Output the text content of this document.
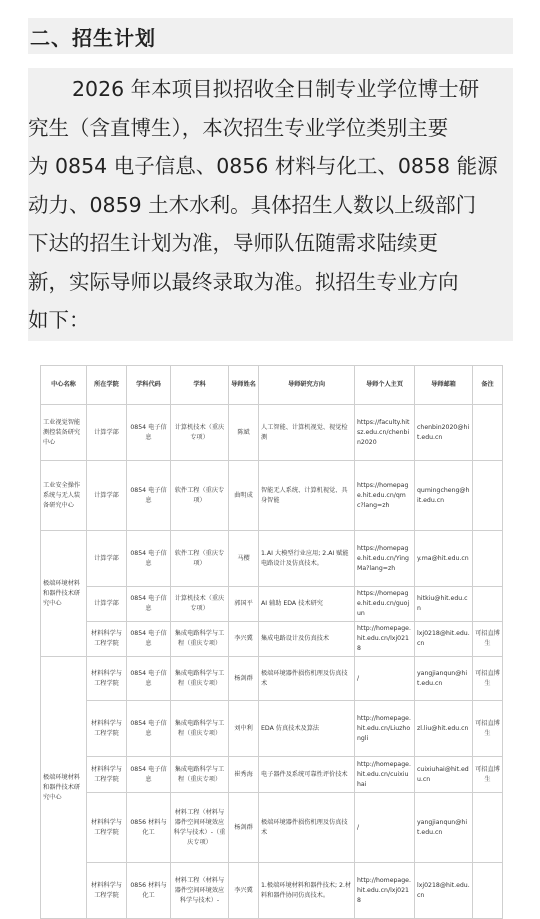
二、招生计划
2026 年本项目拟招收全日制专业学位博士研
究生（含直博生），本次招生专业学位类别主要
为 0854 电子信息、0856 材料与化工、0858 能源
动力、0859 土木水利。具体招生人数以上级部门
下达的招生计划为准，导师队伍随需求陆续更
新，实际导师以最终录取为准。拟招生专业方向
如下：
中心名称	所在学院	学科代码	学科	导师姓名	导师研究方向	导师个人主页	导师邮箱	备注
工业视觉智能测控装备研究中心	计算学部	0854 电子信息	计算机技术（重庆专项）	陈斌	人工智能、计算机视觉、视觉检测	https://faculty.hitsz.edu.cn/chenbin2020	chenbin2020@hit.edu.cn	
工业安全操作系统与无人装备研究中心	计算学部	0854 电子信息	软件工程（重庆专项）	曲明成	智能无人系统、计算机视觉、具身智能	https://homepage.hit.edu.cn/qmc?lang=zh	qumingcheng@hit.edu.cn	
极端环境材料和器件技术研究中心	计算学部	0854 电子信息	软件工程（重庆专项）	马樱	1.AI 大模型行业应用; 2.AI 赋能电路设计及仿真技术。	https://homepage.hit.edu.cn/YingMa?lang=zh	y.ma@hit.edu.cn	
	计算学部	0854 电子信息	计算机技术（重庆专项）	郭国平	AI 辅助 EDA 技术研究	https://homepage.hit.edu.cn/guojun	hitkiu@hit.edu.cn	
	材料科学与工程学院	0854 电子信息	集成电路科学与工程（重庆专项）	李兴冀	集成电路设计及仿真技术	http://homepage.hit.edu.cn/lxj0218	lxj0218@hit.edu.cn	可招直博生
极端环境材料和器件技术研究中心	材料科学与工程学院	0854 电子信息	集成电路科学与工程（重庆专项）	杨剑群	极端环境器件损伤机理及仿真技术	/	yangjianqun@hit.edu.cn	可招直博生
	材料科学与工程学院	0854 电子信息	集成电路科学与工程（重庆专项）	刘中利	EDA 仿真技术及算法	http://homepage.hit.edu.cn/Liuzhongli	zl.liu@hit.edu.cn	可招直博生
	材料科学与工程学院	0854 电子信息	集成电路科学与工程（重庆专项）	崔秀海	电子器件及系统可靠性评价技术	http://homepage.hit.edu.cn/cuixiuhai	cuixiuhai@hit.edu.cn	可招直博生
	材料科学与工程学院	0856 材料与化工	材料工程（材料与器件空间环境效应科学与技术）-（重庆专项）	杨剑群	极端环境器件损伤机理及仿真技术	/	yangjianqun@hit.edu.cn	
	材料科学与工程学院	0856 材料与化工	材料工程（材料与器件空间环境效应科学与技术）-	李兴冀	1.极端环境材料和器件技术; 2.材料和器件协同仿真技术。	http://homepage.hit.edu.cn/lxj0218	lxj0218@hit.edu.cn	
